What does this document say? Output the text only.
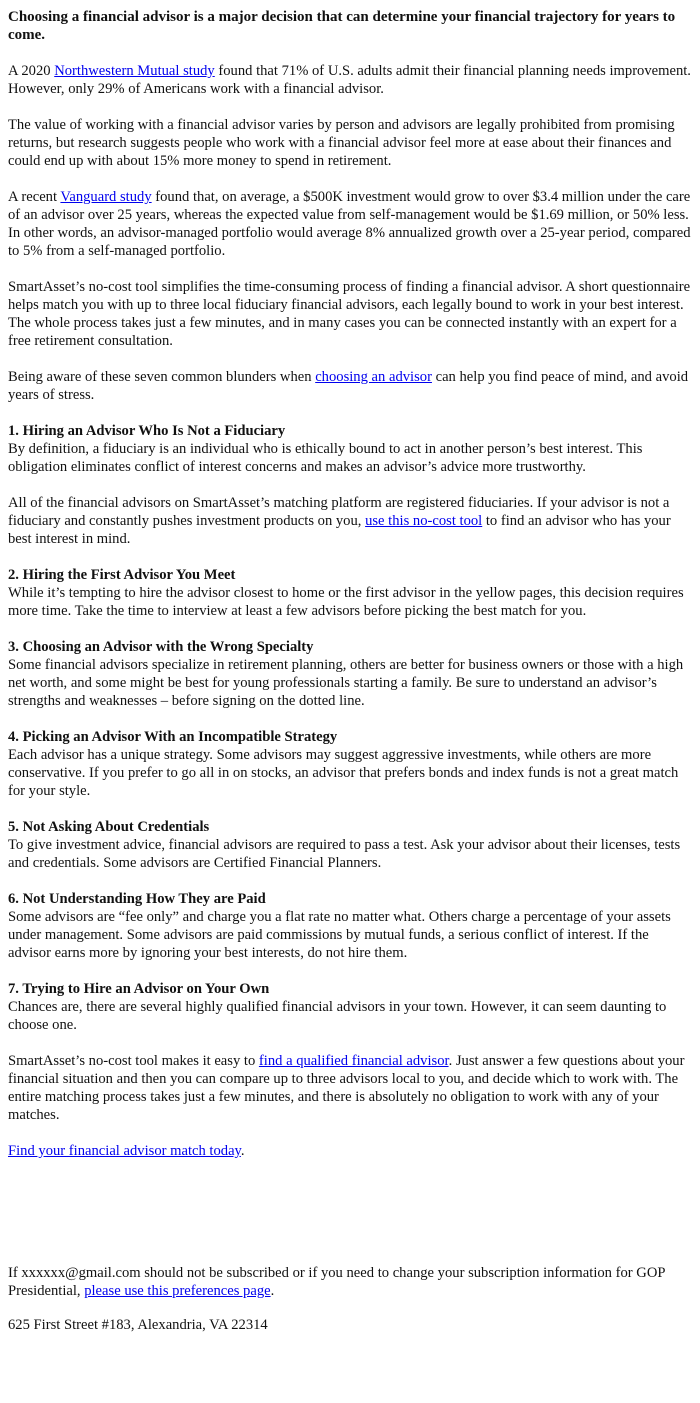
Choosing a financial advisor is a major decision that can determine your financial trajectory for years to come.

A 2020 Northwestern Mutual study found that 71% of U.S. adults admit their financial planning needs improvement. However, only 29% of Americans work with a financial advisor.

The value of working with a financial advisor varies by person and advisors are legally prohibited from promising returns, but research suggests people who work with a financial advisor feel more at ease about their finances and could end up with about 15% more money to spend in retirement.

A recent Vanguard study found that, on average, a $500K investment would grow to over $3.4 million under the care of an advisor over 25 years, whereas the expected value from self-management would be $1.69 million, or 50% less. In other words, an advisor-managed portfolio would average 8% annualized growth over a 25-year period, compared to 5% from a self-managed portfolio.

SmartAsset’s no-cost tool simplifies the time-consuming process of finding a financial advisor. A short questionnaire helps match you with up to three local fiduciary financial advisors, each legally bound to work in your best interest. The whole process takes just a few minutes, and in many cases you can be connected instantly with an expert for a free retirement consultation.

Being aware of these seven common blunders when choosing an advisor can help you find peace of mind, and avoid years of stress.

1. Hiring an Advisor Who Is Not a Fiduciary

By definition, a fiduciary is an individual who is ethically bound to act in another person’s best interest. This obligation eliminates conflict of interest concerns and makes an advisor’s advice more trustworthy.

All of the financial advisors on SmartAsset’s matching platform are registered fiduciaries. If your advisor is not a fiduciary and constantly pushes investment products on you, use this no-cost tool to find an advisor who has your best interest in mind.

2. Hiring the First Advisor You Meet

While it’s tempting to hire the advisor closest to home or the first advisor in the yellow pages, this decision requires more time. Take the time to interview at least a few advisors before picking the best match for you.

3. Choosing an Advisor with the Wrong Specialty

Some financial advisors specialize in retirement planning, others are better for business owners or those with a high net worth, and some might be best for young professionals starting a family. Be sure to understand an advisor’s strengths and weaknesses – before signing on the dotted line.

4. Picking an Advisor With an Incompatible Strategy

Each advisor has a unique strategy. Some advisors may suggest aggressive investments, while others are more conservative. If you prefer to go all in on stocks, an advisor that prefers bonds and index funds is not a great match for your style.

5. Not Asking About Credentials

To give investment advice, financial advisors are required to pass a test. Ask your advisor about their licenses, tests and credentials. Some advisors are Certified Financial Planners.

6. Not Understanding How They are Paid

Some advisors are “fee only” and charge you a flat rate no matter what. Others charge a percentage of your assets under management. Some advisors are paid commissions by mutual funds, a serious conflict of interest. If the advisor earns more by ignoring your best interests, do not hire them.

7. Trying to Hire an Advisor on Your Own

Chances are, there are several highly qualified financial advisors in your town. However, it can seem daunting to choose one.

SmartAsset’s no-cost tool makes it easy to find a qualified financial advisor. Just answer a few questions about your financial situation and then you can compare up to three advisors local to you, and decide which to work with. The entire matching process takes just a few minutes, and there is absolutely no obligation to work with any of your matches.

Find your financial advisor match today.

If xxxxxx@gmail.com should not be subscribed or if you need to change your subscription information for GOP Presidential, please use this preferences page.

625 First Street #183, Alexandria, VA 22314
